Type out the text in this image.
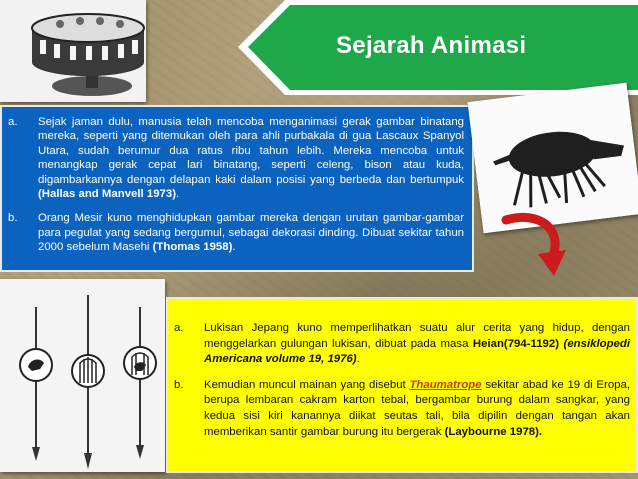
Sejarah Animasi
a.	Sejak jaman dulu, manusia telah mencoba menganimasi gerak gambar binatang mereka, seperti yang ditemukan oleh para ahli purbakala di gua Lascaux Spanyol Utara, sudah berumur dua ratus ribu tahun lebih. Mereka mencoba untuk menangkap gerak cepat lari binatang, seperti celeng, bison atau kuda, digambarkannya dengan delapan kaki dalam posisi yang berbeda dan bertumpuk (Hallas and Manvell 1973).
b.	Orang Mesir kuno menghidupkan gambar mereka dengan urutan gambar-gambar para pegulat yang sedang bergumul, sebagai dekorasi dinding. Dibuat sekitar tahun 2000 sebelum Masehi (Thomas 1958).
a.	Lukisan Jepang kuno memperlihatkan suatu alur cerita yang hidup, dengan menggelarkan gulungan lukisan, dibuat pada masa Heian(794-1192) (ensiklopedi Americana volume 19, 1976).
b.	Kemudian muncul mainan yang disebut Thaumatrope sekitar abad ke 19 di Eropa, berupa lembaran cakram karton tebal, bergambar burung dalam sangkar, yang kedua sisi kiri kanannya diikat seutas tali, bila dipilin dengan tangan akan memberikan santir gambar burung itu bergerak (Laybourne 1978).
